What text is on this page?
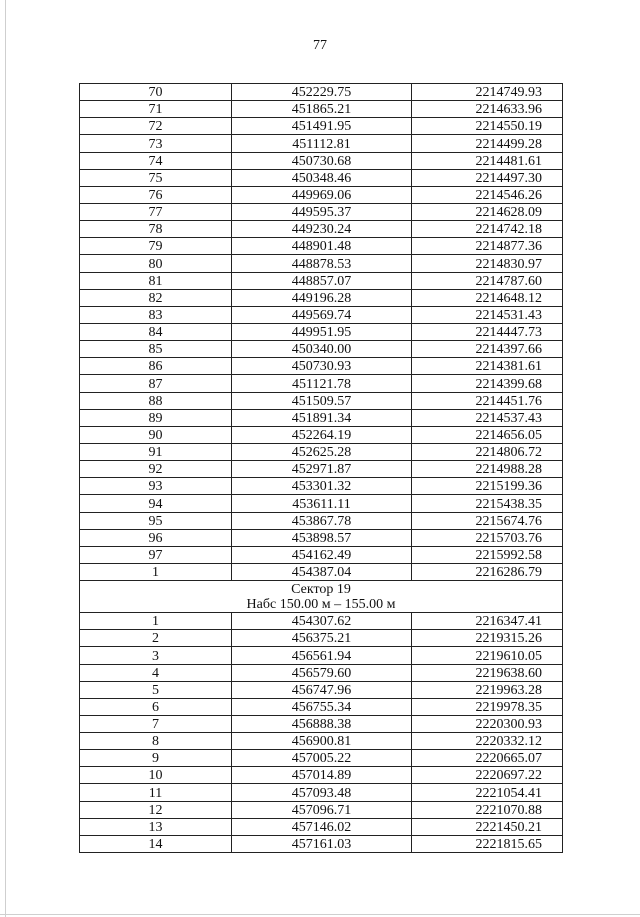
77
70	452229.75	2214749.93
71	451865.21	2214633.96
72	451491.95	2214550.19
73	451112.81	2214499.28
74	450730.68	2214481.61
75	450348.46	2214497.30
76	449969.06	2214546.26
77	449595.37	2214628.09
78	449230.24	2214742.18
79	448901.48	2214877.36
80	448878.53	2214830.97
81	448857.07	2214787.60
82	449196.28	2214648.12
83	449569.74	2214531.43
84	449951.95	2214447.73
85	450340.00	2214397.66
86	450730.93	2214381.61
87	451121.78	2214399.68
88	451509.57	2214451.76
89	451891.34	2214537.43
90	452264.19	2214656.05
91	452625.28	2214806.72
92	452971.87	2214988.28
93	453301.32	2215199.36
94	453611.11	2215438.35
95	453867.78	2215674.76
96	453898.57	2215703.76
97	454162.49	2215992.58
1	454387.04	2216286.79

Сектор 19
Набс 150.00 м – 155.00 м		

1	454307.62	2216347.41
2	456375.21	2219315.26
3	456561.94	2219610.05
4	456579.60	2219638.60
5	456747.96	2219963.28
6	456755.34	2219978.35
7	456888.38	2220300.93
8	456900.81	2220332.12
9	457005.22	2220665.07
10	457014.89	2220697.22
11	457093.48	2221054.41
12	457096.71	2221070.88
13	457146.02	2221450.21
14	457161.03	2221815.65
